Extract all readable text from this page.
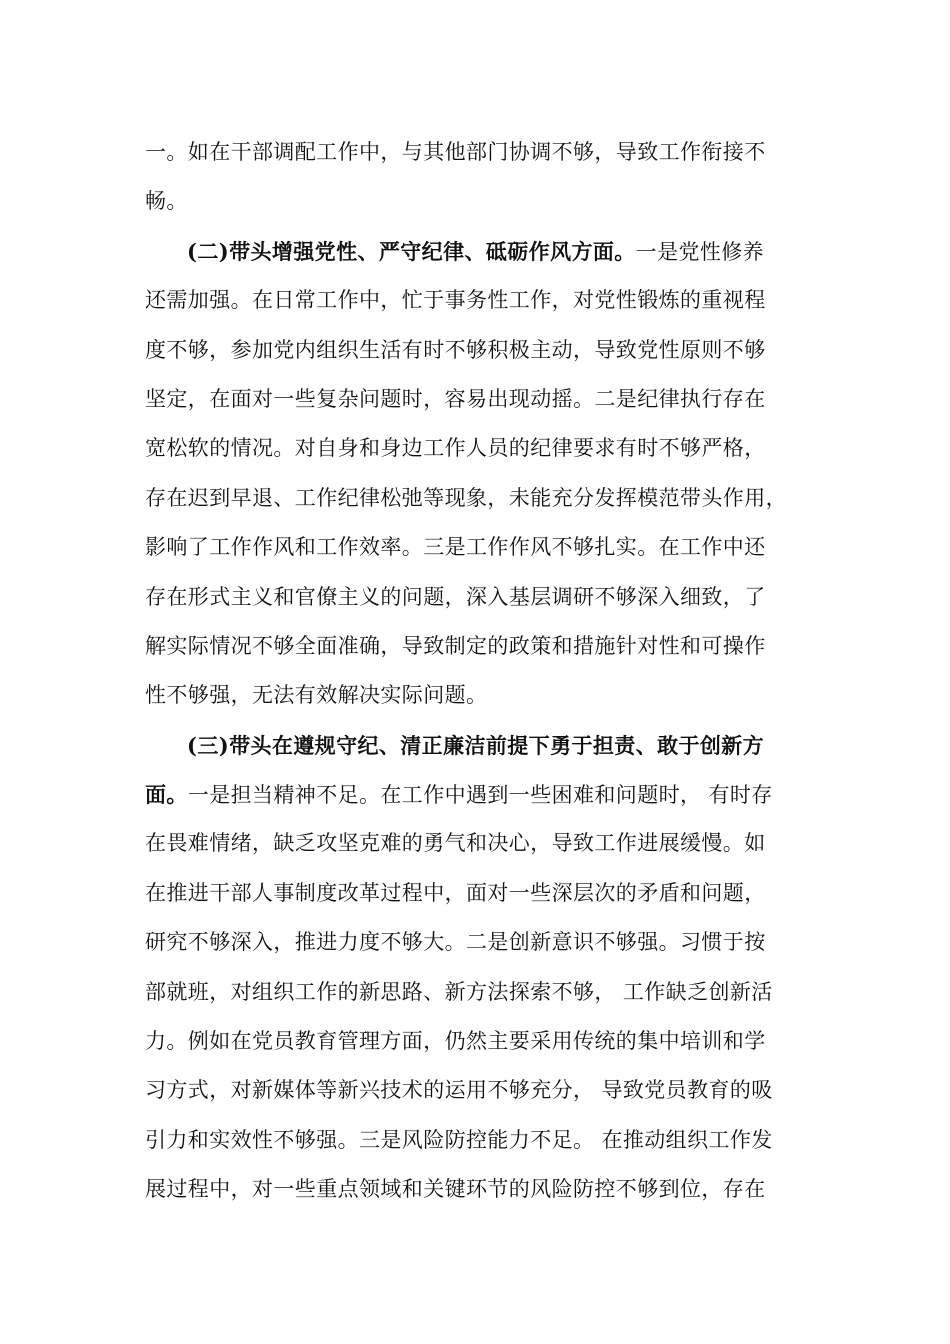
一。如在干部调配工作中，与其他部门协调不够，导致工作衔接不
畅。
(二)带头增强党性、严守纪律、砥砺作风方面。一是党性修养
还需加强。在日常工作中，忙于事务性工作，对党性锻炼的重视程
度不够，参加党内组织生活有时不够积极主动，导致党性原则不够
坚定，在面对一些复杂问题时，容易出现动摇。二是纪律执行存在
宽松软的情况。对自身和身边工作人员的纪律要求有时不够严格，
存在迟到早退、工作纪律松弛等现象，未能充分发挥模范带头作用，
影响了工作作风和工作效率。三是工作作风不够扎实。在工作中还
存在形式主义和官僚主义的问题，深入基层调研不够深入细致，了
解实际情况不够全面准确，导致制定的政策和措施针对性和可操作
性不够强，无法有效解决实际问题。
(三)带头在遵规守纪、清正廉洁前提下勇于担责、敢于创新方
面。一是担当精神不足。在工作中遇到一些困难和问题时， 有时存
在畏难情绪，缺乏攻坚克难的勇气和决心，导致工作进展缓慢。如
在推进干部人事制度改革过程中，面对一些深层次的矛盾和问题，
研究不够深入，推进力度不够大。二是创新意识不够强。习惯于按
部就班，对组织工作的新思路、新方法探索不够， 工作缺乏创新活
力。例如在党员教育管理方面，仍然主要采用传统的集中培训和学
习方式，对新媒体等新兴技术的运用不够充分， 导致党员教育的吸
引力和实效性不够强。三是风险防控能力不足。 在推动组织工作发
展过程中，对一些重点领域和关键环节的风险防控不够到位，存在
